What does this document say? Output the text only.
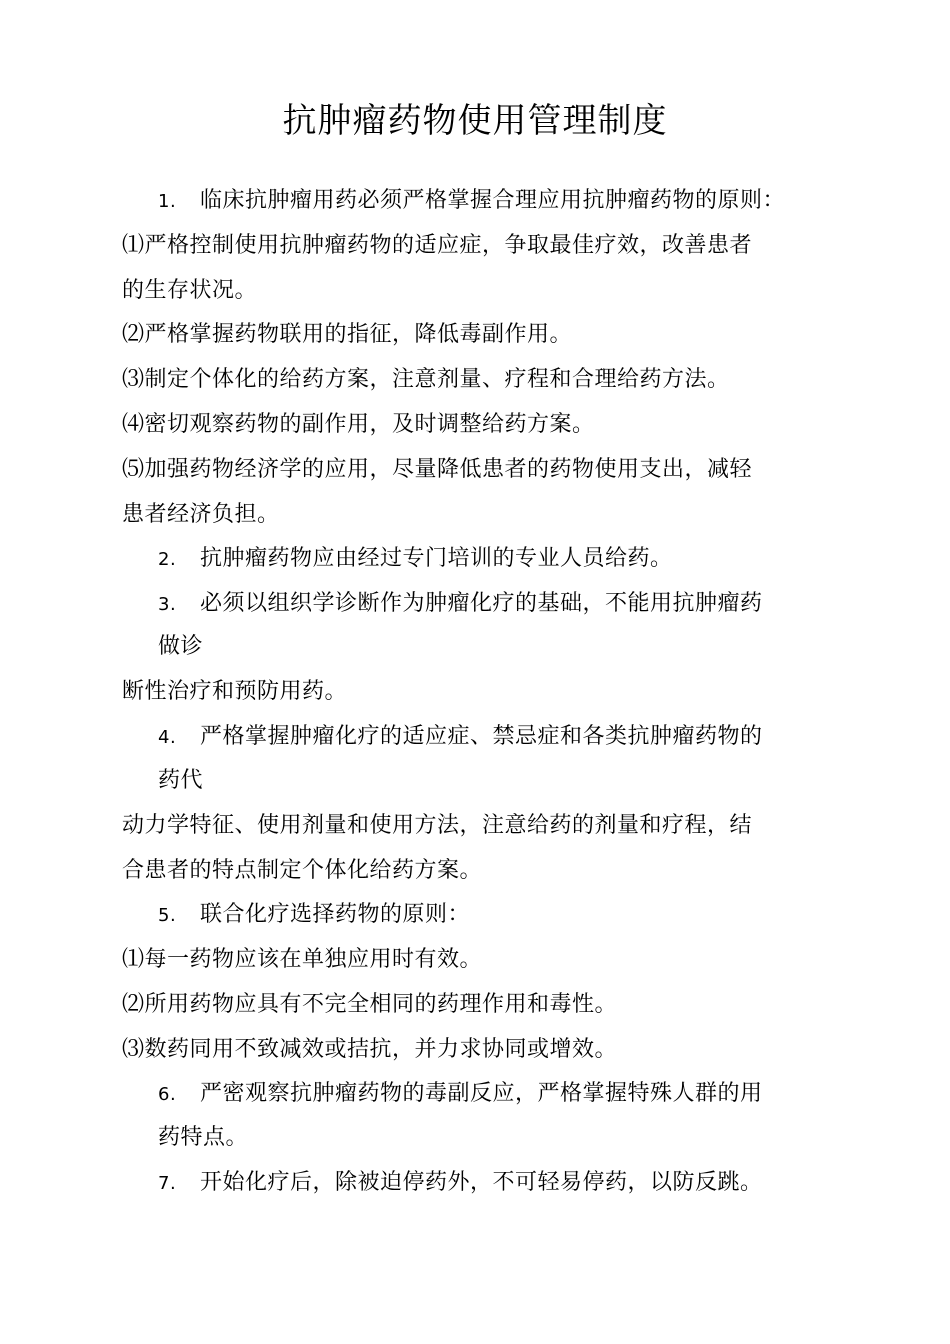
抗肿瘤药物使用管理制度
1. 临床抗肿瘤用药必须严格掌握合理应用抗肿瘤药物的原则：
⑴严格控制使用抗肿瘤药物的适应症，争取最佳疗效，改善患者
的生存状况。
⑵严格掌握药物联用的指征，降低毒副作用。
⑶制定个体化的给药方案，注意剂量、疗程和合理给药方法。
⑷密切观察药物的副作用，及时调整给药方案。
⑸加强药物经济学的应用，尽量降低患者的药物使用支出，减轻
患者经济负担。
2. 抗肿瘤药物应由经过专门培训的专业人员给药。
3. 必须以组织学诊断作为肿瘤化疗的基础，不能用抗肿瘤药
做诊
断性治疗和预防用药。
4. 严格掌握肿瘤化疗的适应症、禁忌症和各类抗肿瘤药物的
药代
动力学特征、使用剂量和使用方法，注意给药的剂量和疗程，结
合患者的特点制定个体化给药方案。
5. 联合化疗选择药物的原则：
⑴每一药物应该在单独应用时有效。
⑵所用药物应具有不完全相同的药理作用和毒性。
⑶数药同用不致减效或拮抗，并力求协同或增效。
6. 严密观察抗肿瘤药物的毒副反应，严格掌握特殊人群的用
药特点。
7. 开始化疗后，除被迫停药外，不可轻易停药，以防反跳。
